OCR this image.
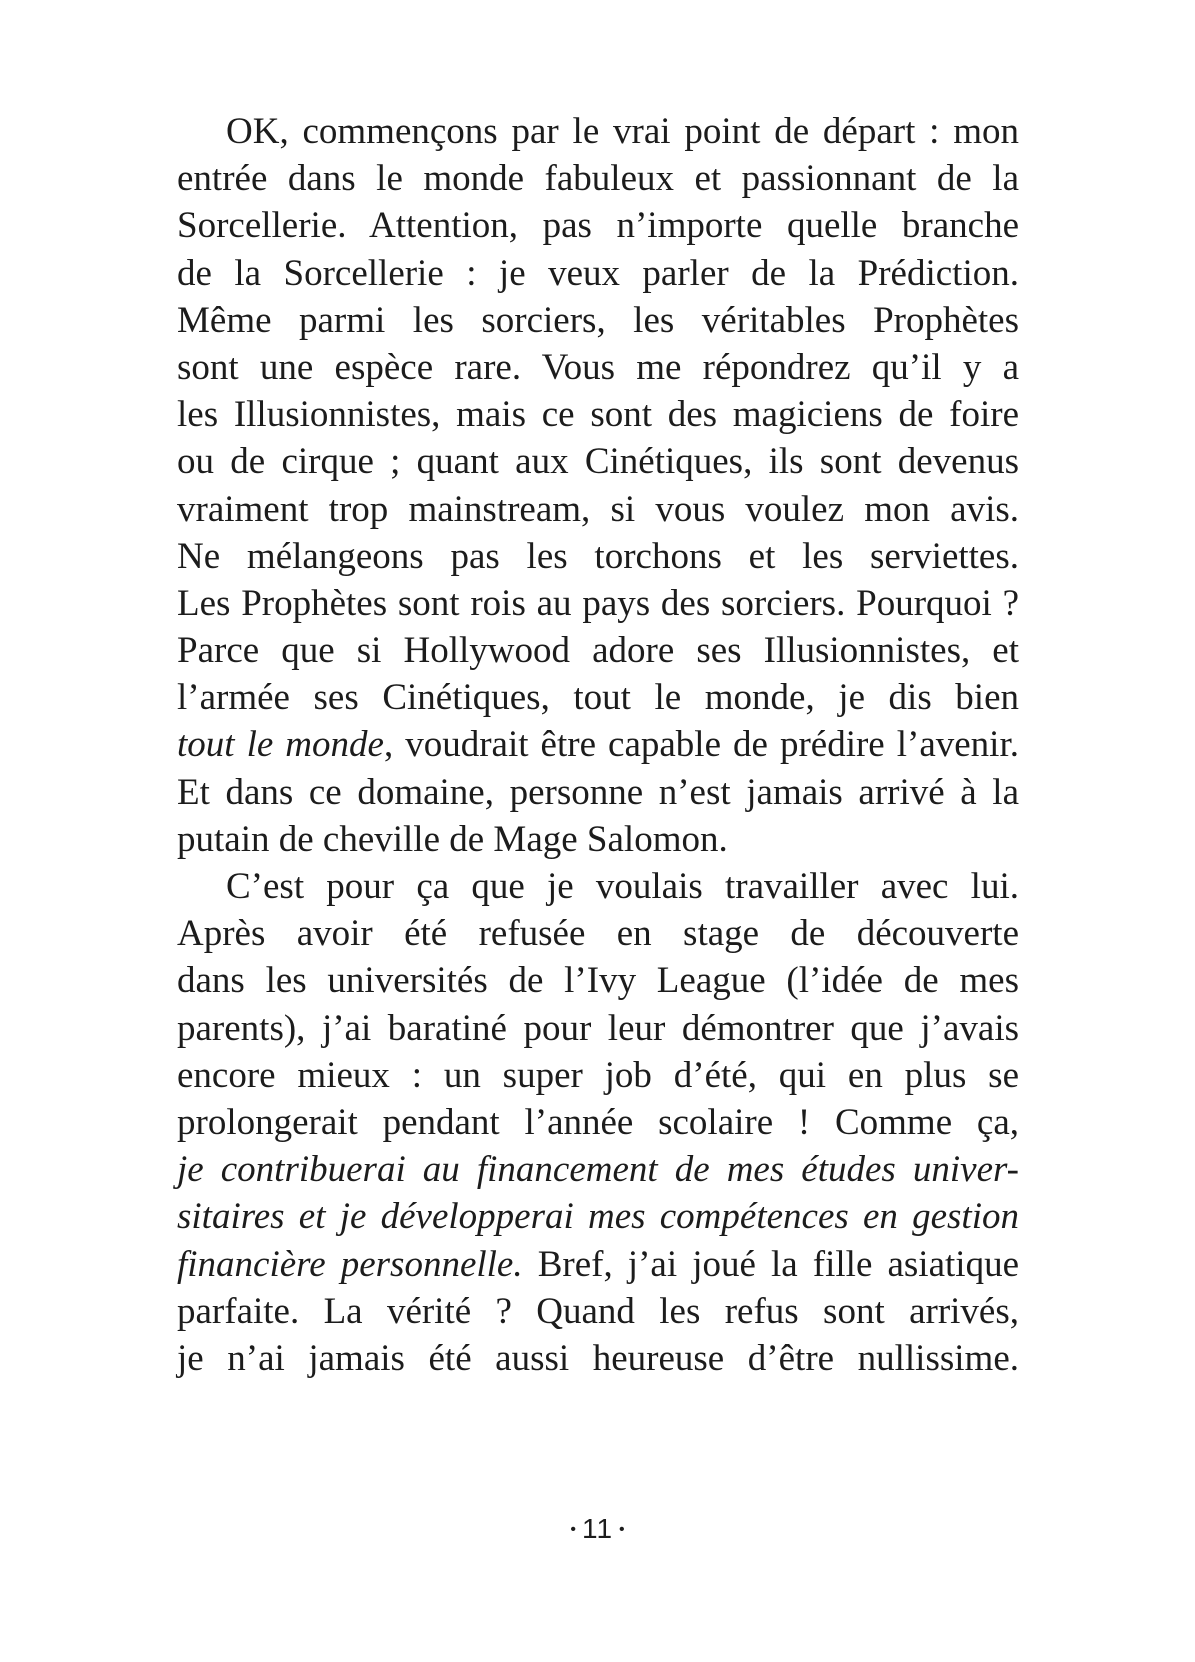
OK, commençons par le vrai point de départ : mon
entrée dans le monde fabuleux et passionnant de la
Sorcellerie. Attention, pas n’importe quelle branche
de la Sorcellerie : je veux parler de la Prédiction.
Même parmi les sorciers, les véritables Prophètes
sont une espèce rare. Vous me répondrez qu’il y a
les Illusionnistes, mais ce sont des magiciens de foire
ou de cirque ; quant aux Cinétiques, ils sont devenus
vraiment trop mainstream, si vous voulez mon avis.
Ne mélangeons pas les torchons et les serviettes.
Les Prophètes sont rois au pays des sorciers. Pourquoi ?
Parce que si Hollywood adore ses Illusionnistes, et
l’armée ses Cinétiques, tout le monde, je dis bien
tout le monde, voudrait être capable de prédire l’avenir.
Et dans ce domaine, personne n’est jamais arrivé à la
putain de cheville de Mage Salomon.
C’est pour ça que je voulais travailler avec lui.
Après avoir été refusée en stage de découverte
dans les universités de l’Ivy League (l’idée de mes
parents), j’ai baratiné pour leur démontrer que j’avais
encore mieux : un super job d’été, qui en plus se
prolongerait pendant l’année scolaire ! Comme ça,
je contribuerai au financement de mes études univer-
sitaires et je développerai mes compétences en gestion
financière personnelle. Bref, j’ai joué la fille asiatique
parfaite. La vérité ? Quand les refus sont arrivés,
je n’ai jamais été aussi heureuse d’être nullissime.
• 11 •
